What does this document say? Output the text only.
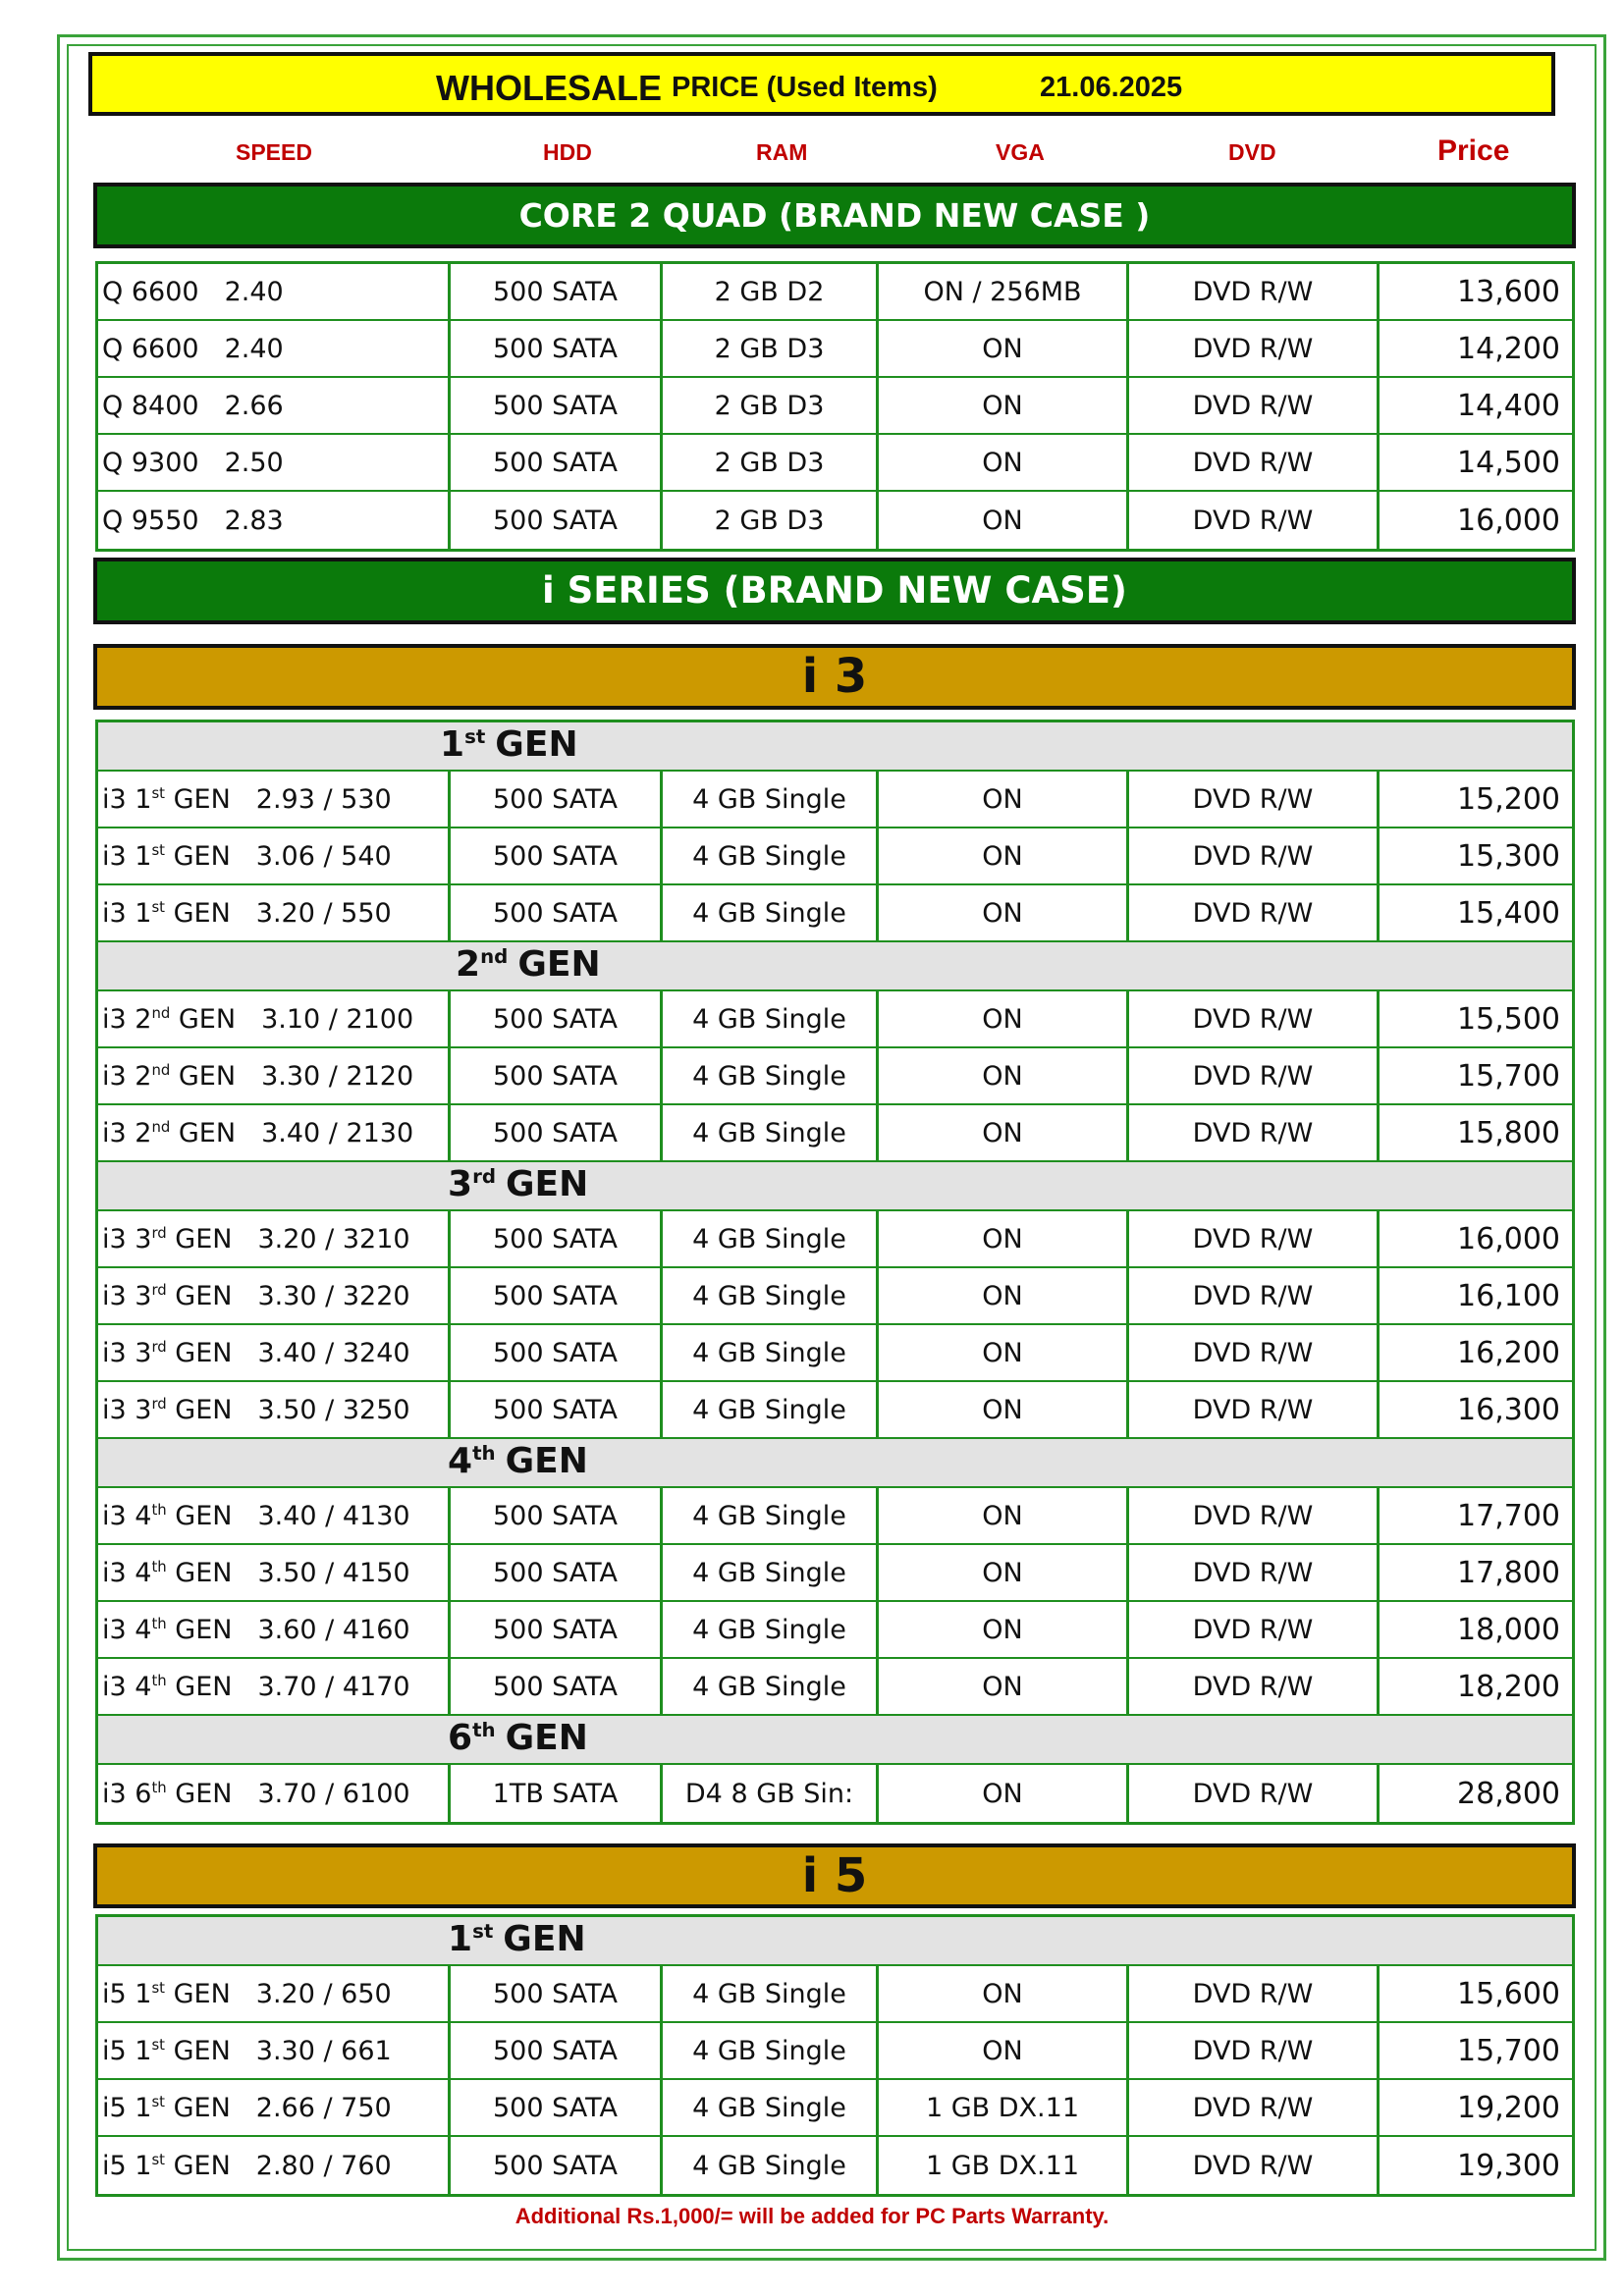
WHOLESALE PRICE (Used Items)	21.06.2025
SPEED	HDD	RAM	VGA	DVD	Price
CORE 2 QUAD (BRAND NEW CASE )
Q 6600 2.40	500 SATA	2 GB D2	ON / 256MB	DVD R/W	13,600
Q 6600 2.40	500 SATA	2 GB D3	ON	DVD R/W	14,200
Q 8400 2.66	500 SATA	2 GB D3	ON	DVD R/W	14,400
Q 9300 2.50	500 SATA	2 GB D3	ON	DVD R/W	14,500
Q 9550 2.83	500 SATA	2 GB D3	ON	DVD R/W	16,000
i SERIES (BRAND NEW CASE)
i 3
1st GEN
i3 1st GEN 2.93 / 530	500 SATA	4 GB Single	ON	DVD R/W	15,200
i3 1st GEN 3.06 / 540	500 SATA	4 GB Single	ON	DVD R/W	15,300
i3 1st GEN 3.20 / 550	500 SATA	4 GB Single	ON	DVD R/W	15,400
2nd GEN
i3 2nd GEN 3.10 / 2100	500 SATA	4 GB Single	ON	DVD R/W	15,500
i3 2nd GEN 3.30 / 2120	500 SATA	4 GB Single	ON	DVD R/W	15,700
i3 2nd GEN 3.40 / 2130	500 SATA	4 GB Single	ON	DVD R/W	15,800
3rd GEN
i3 3rd GEN 3.20 / 3210	500 SATA	4 GB Single	ON	DVD R/W	16,000
i3 3rd GEN 3.30 / 3220	500 SATA	4 GB Single	ON	DVD R/W	16,100
i3 3rd GEN 3.40 / 3240	500 SATA	4 GB Single	ON	DVD R/W	16,200
i3 3rd GEN 3.50 / 3250	500 SATA	4 GB Single	ON	DVD R/W	16,300
4th GEN
i3 4th GEN 3.40 / 4130	500 SATA	4 GB Single	ON	DVD R/W	17,700
i3 4th GEN 3.50 / 4150	500 SATA	4 GB Single	ON	DVD R/W	17,800
i3 4th GEN 3.60 / 4160	500 SATA	4 GB Single	ON	DVD R/W	18,000
i3 4th GEN 3.70 / 4170	500 SATA	4 GB Single	ON	DVD R/W	18,200
6th GEN
i3 6th GEN 3.70 / 6100	1TB SATA	D4 8 GB Sin:	ON	DVD R/W	28,800
i 5
1st GEN
i5 1st GEN 3.20 / 650	500 SATA	4 GB Single	ON	DVD R/W	15,600
i5 1st GEN 3.30 / 661	500 SATA	4 GB Single	ON	DVD R/W	15,700
i5 1st GEN 2.66 / 750	500 SATA	4 GB Single	1 GB DX.11	DVD R/W	19,200
i5 1st GEN 2.80 / 760	500 SATA	4 GB Single	1 GB DX.11	DVD R/W	19,300
Additional Rs.1,000/= will be added for PC Parts Warranty.
